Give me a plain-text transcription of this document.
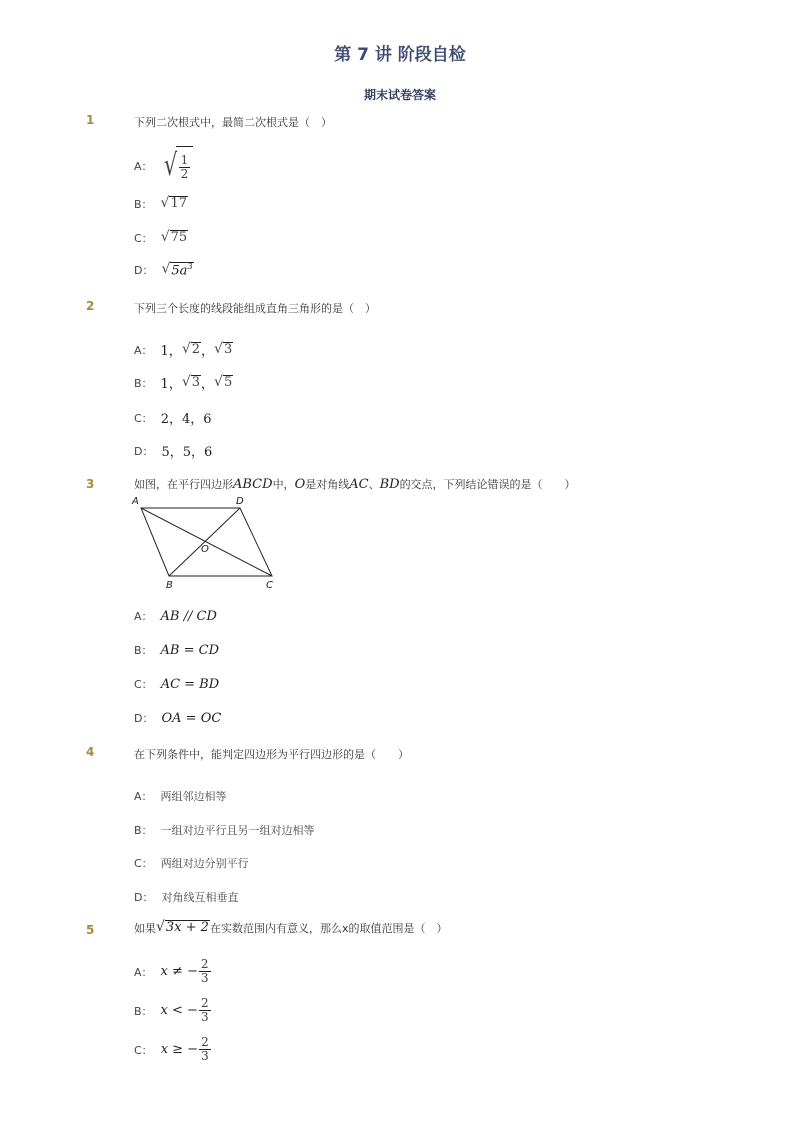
第 7 讲 阶段自检
期末试卷答案
1	下列二次根式中，最简二次根式是（　）
A： √ $\frac{1}{2}$
B： √ 17
C： √ 75
D： √ $5a^3$
2	下列三个长度的线段能组成直角三角形的是（　）
A： 1， √ 2 ， √ 3
B： 1， √ 3 ， √ 5
C： 2，4，6
D： 5，5，6
3	如图，在平行四边形 ABCD 中， O 是对角线 AC 、 BD 的交点，下列结论错误的是（　　）
A	D
O
B	C
A： AB // CD
B： AB = CD
C： AC = BD
D： OA = OC
4	在下列条件中，能判定四边形为平行四边形的是（　　）
A： 两组邻边相等
B： 一组对边平行且另一组对边相等
C： 两组对边分别平行
D： 对角线互相垂直
5	如果 √ 3x + 2 在实数范围内有意义，那么x的取值范围是（　）
A： x ≠ − $\frac{2}{3}$
B： x < − $\frac{2}{3}$
C： x ≥ − $\frac{2}{3}$
